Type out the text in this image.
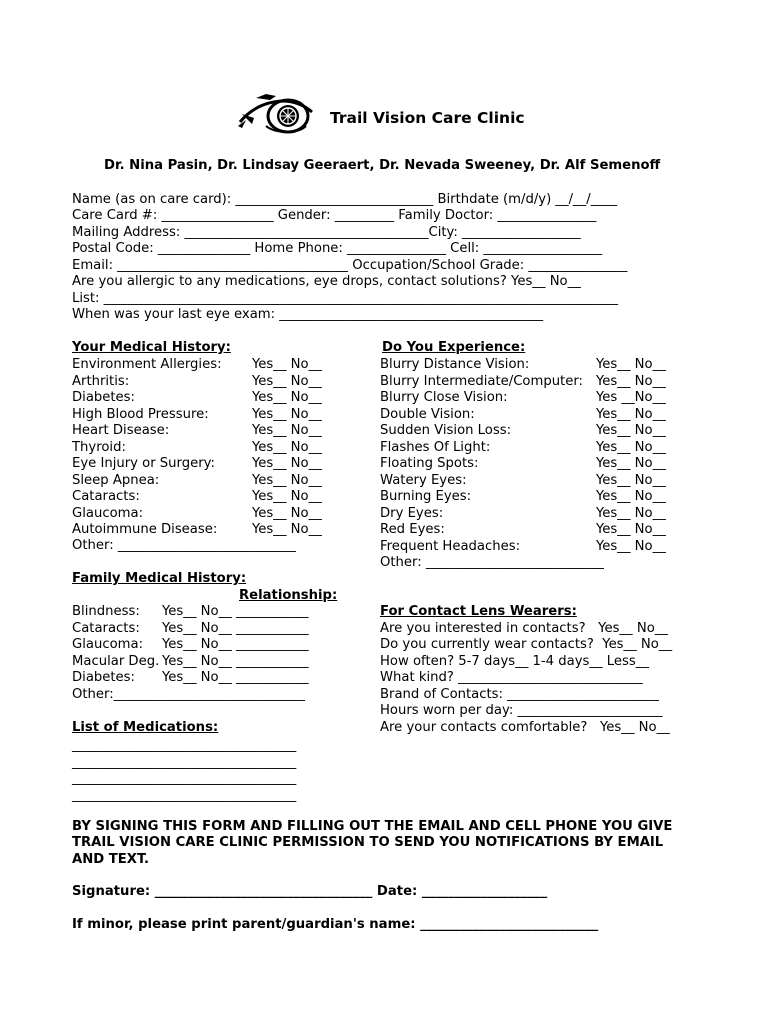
Trail Vision Care Clinic
Dr. Nina Pasin, Dr. Lindsay Geeraert, Dr. Nevada Sweeney, Dr. Alf Semenoff
Name (as on care card): ______________________________ Birthdate (m/d/y) __/__/____
Care Card #: _________________ Gender: _________ Family Doctor: _______________
Mailing Address: _____________________________________City: __________________
Postal Code: ______________ Home Phone: _______________ Cell: __________________
Email: ___________________________________ Occupation/School Grade: _______________
Are you allergic to any medications, eye drops, contact solutions? Yes__ No__
List: ______________________________________________________________________________
When was your last eye exam: ________________________________________
Your Medical History:
Environment Allergies: Yes__ No__
Arthritis:	Yes__ No__
Diabetes:	Yes__ No__
High Blood Pressure:	Yes__ No__
Heart Disease:	Yes__ No__
Thyroid:	Yes__ No__
Eye Injury or Surgery:	Yes__ No__
Sleep Apnea:	Yes__ No__
Cataracts:	Yes__ No__
Glaucoma:	Yes__ No__
Autoimmune Disease:	Yes__ No__
Other: ___________________________
Do You Experience:
Blurry Distance Vision:	Yes__ No__
Blurry Intermediate/Computer: Yes__ No__
Blurry Close Vision:	Yes __No__
Double Vision:	Yes__ No__
Sudden Vision Loss:	Yes__ No__
Flashes Of Light:	Yes__ No__
Floating Spots:	Yes__ No__
Watery Eyes:	Yes__ No__
Burning Eyes:	Yes__ No__
Dry Eyes:	Yes__ No__
Red Eyes:	Yes__ No__
Frequent Headaches:	Yes__ No__
Other: ___________________________
Family Medical History:
Relationship:
Blindness: Yes__ No__ ___________
Cataracts: Yes__ No__ ___________
Glaucoma: Yes__ No__ ___________
Macular Deg. Yes__ No__ ___________
Diabetes: Yes__ No__ ___________
Other:_____________________________
For Contact Lens Wearers:
Are you interested in contacts?   Yes__ No__
Do you currently wear contacts?  Yes__ No__
How often? 5-7 days__ 1-4 days__ Less__
What kind? ____________________________
Brand of Contacts: _______________________
Hours worn per day: ______________________
Are your contacts comfortable?   Yes__ No__
List of Medications:
__________________________________
__________________________________
__________________________________
__________________________________
BY SIGNING THIS FORM AND FILLING OUT THE EMAIL AND CELL PHONE YOU GIVE
TRAIL VISION CARE CLINIC PERMISSION TO SEND YOU NOTIFICATIONS BY EMAIL
AND TEXT.
Signature: _________________________________ Date: ___________________
If minor, please print parent/guardian's name: ___________________________
